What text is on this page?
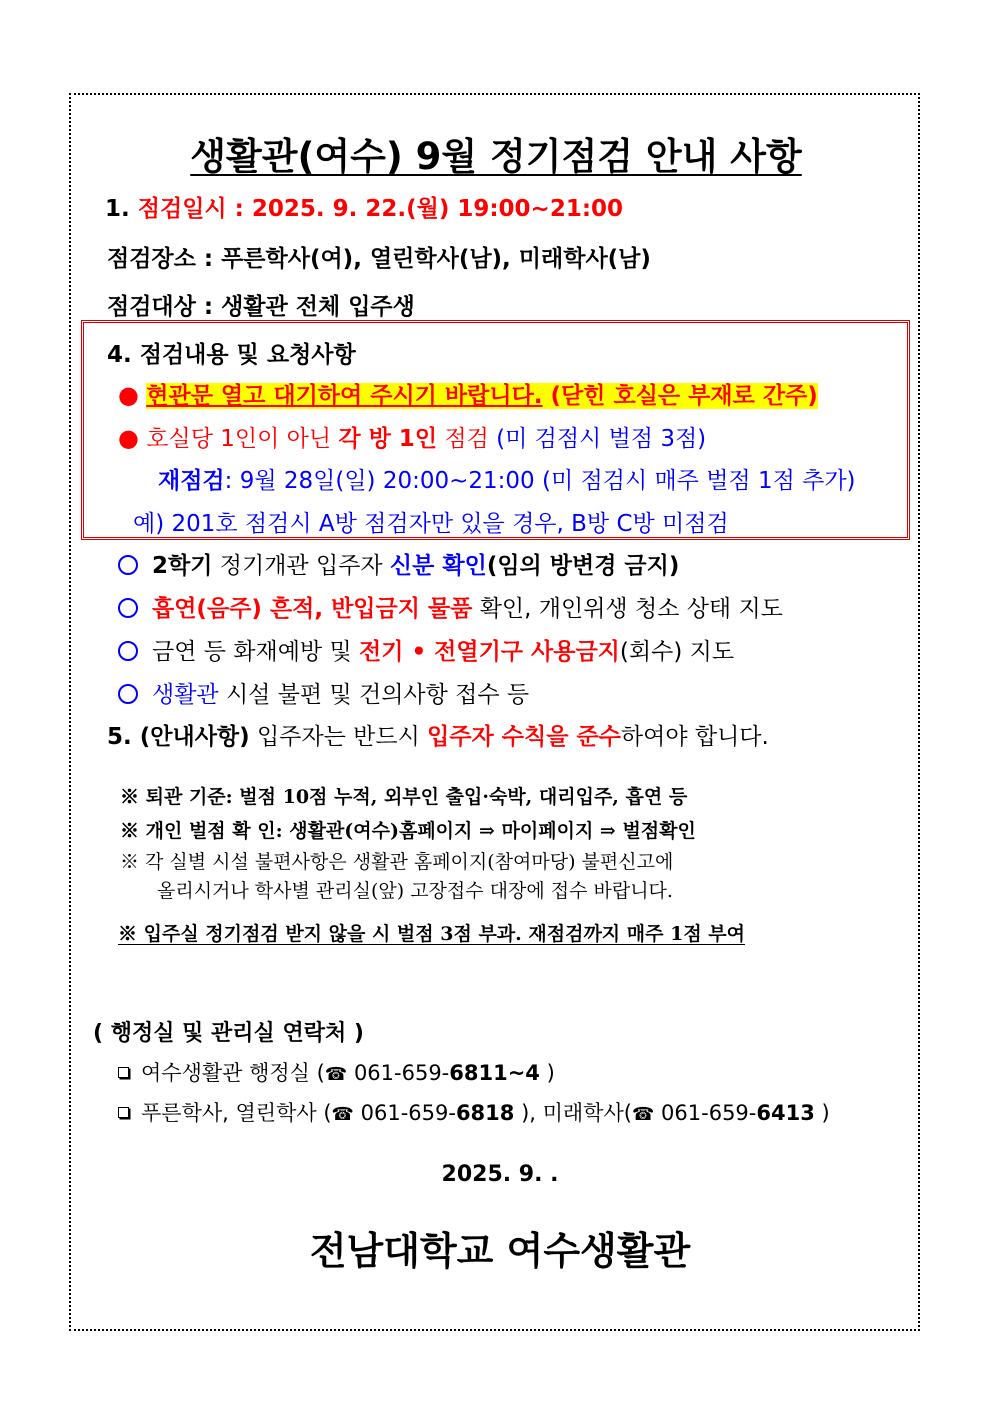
생활관(여수) 9월 정기점검 안내 사항
1. 점검일시 : 2025. 9. 22.(월) 19:00~21:00
점검장소 : 푸른학사(여), 열린학사(남), 미래학사(남)
점검대상 : 생활관 전체 입주생
4. 점검내용 및 요청사항
● 현관문 열고 대기하여 주시기 바랍니다. (닫힌 호실은 부재로 간주)
● 호실당 1인이 아닌 각 방 1인 점검 (미 검점시 벌점 3점)
재점검: 9월 28일(일) 20:00~21:00 (미 점검시 매주 벌점 1점 추가)
예) 201호 점검시 A방 점검자만 있을 경우, B방 C방 미점검
2학기 정기개관 입주자 신분 확인(임의 방변경 금지)
흡연(음주) 흔적, 반입금지 물품 확인, 개인위생 청소 상태 지도
금연 등 화재예방 및 전기 • 전열기구 사용금지(회수) 지도
생활관 시설 불편 및 건의사항 접수 등
5. (안내사항) 입주자는 반드시 입주자 수칙을 준수하여야 합니다.
※ 퇴관 기준: 벌점 10점 누적, 외부인 출입·숙박, 대리입주, 흡연 등
※ 개인 벌점 확 인: 생활관(여수)홈페이지 ⇒ 마이페이지 ⇒ 벌점확인
※ 각 실별 시설 불편사항은 생활관 홈페이지(참여마당) 불편신고에
올리시거나 학사별 관리실(앞) 고장접수 대장에 접수 바랍니다.
※ 입주실 정기점검 받지 않을 시 벌점 3점 부과. 재점검까지 매주 1점 부여
( 행정실 및 관리실 연락처 )
여수생활관 행정실 (☎ 061-659-6811~4 )
푸른학사, 열린학사 (☎ 061-659-6818 ), 미래학사(☎ 061-659-6413 )
2025. 9. .
전남대학교 여수생활관
